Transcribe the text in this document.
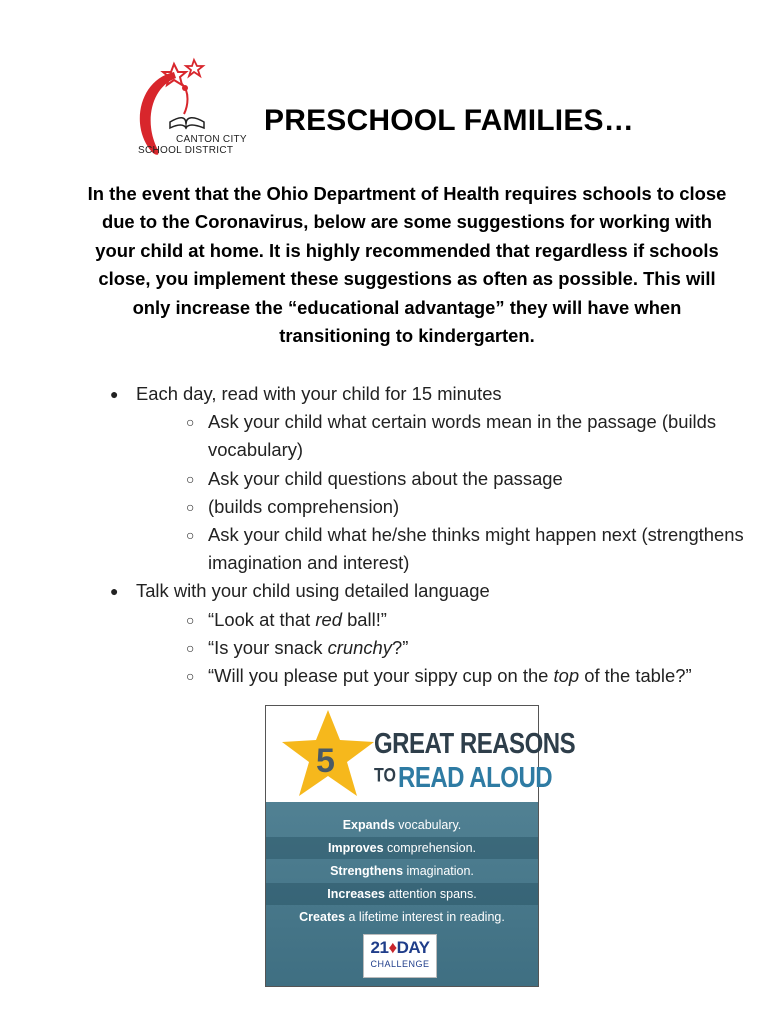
CANTON CITY
SCHOOL DISTRICT
PRESCHOOL FAMILIES…

In the event that the Ohio Department of Health requires schools to close due to the Coronavirus, below are some suggestions for working with your child at home. It is highly recommended that regardless if schools close, you implement these suggestions as often as possible. This will only increase the “educational advantage” they will have when transitioning to kindergarten.

● Each day, read with your child for 15 minutes
○ Ask your child what certain words mean in the passage (builds vocabulary)
○ Ask your child questions about the passage
○ (builds comprehension)
○ Ask your child what he/she thinks might happen next (strengthens imagination and interest)
● Talk with your child using detailed language
○ “Look at that red ball!”
○ “Is your snack crunchy?”
○ “Will you please put your sippy cup on the top of the table?”
5 GREAT REASONS
TO READ ALOUD
Expands vocabulary.
Improves comprehension.
Strengthens imagination.
Increases attention spans.
Creates a lifetime interest in reading.
21♦DAY
CHALLENGE
